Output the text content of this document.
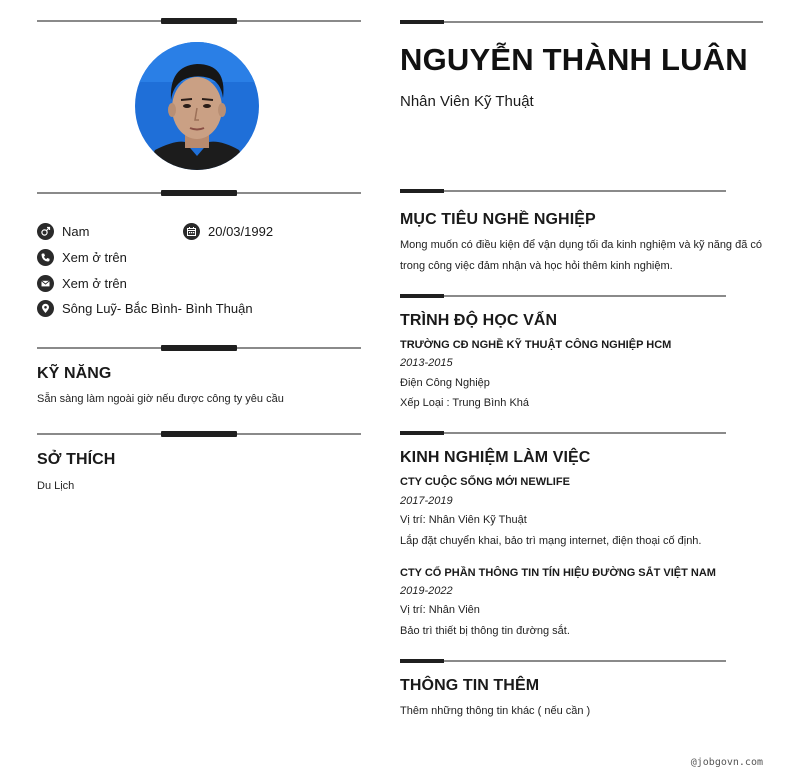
Nam	20/03/1992
Xem ở trên
Xem ở trên
Sông Luỹ- Bắc Bình- Bình Thuận
KỸ NĂNG
Sẵn sàng làm ngoài giờ nếu được công ty yêu cầu
SỞ THÍCH
Du Lịch
NGUYỄN THÀNH LUÂN
Nhân Viên Kỹ Thuật
MỤC TIÊU NGHỀ NGHIỆP
Mong muốn có điều kiện để vận dụng tối đa kinh nghiệm và kỹ năng đã có trong công việc đảm nhận và học hỏi thêm kinh nghiệm.
TRÌNH ĐỘ HỌC VẤN
TRƯỜNG CĐ NGHỀ KỸ THUẬT CÔNG NGHIỆP HCM
2013-2015
Điện Công Nghiệp
Xếp Loại : Trung Bình Khá
KINH NGHIỆM LÀM VIỆC
CTY CUỘC SỐNG MỚI NEWLIFE
2017-2019
Vị trí: Nhân Viên Kỹ Thuật
Lắp đặt chuyển khai, bảo trì mạng internet, điện thoại cố định.
CTY CỔ PHẦN THÔNG TIN TÍN HIỆU ĐƯỜNG SẮT VIỆT NAM
2019-2022
Vị trí: Nhân Viên
Bảo trì thiết bị thông tin đường sắt.
THÔNG TIN THÊM
Thêm những thông tin khác ( nếu cần )
@jobgovn.com
